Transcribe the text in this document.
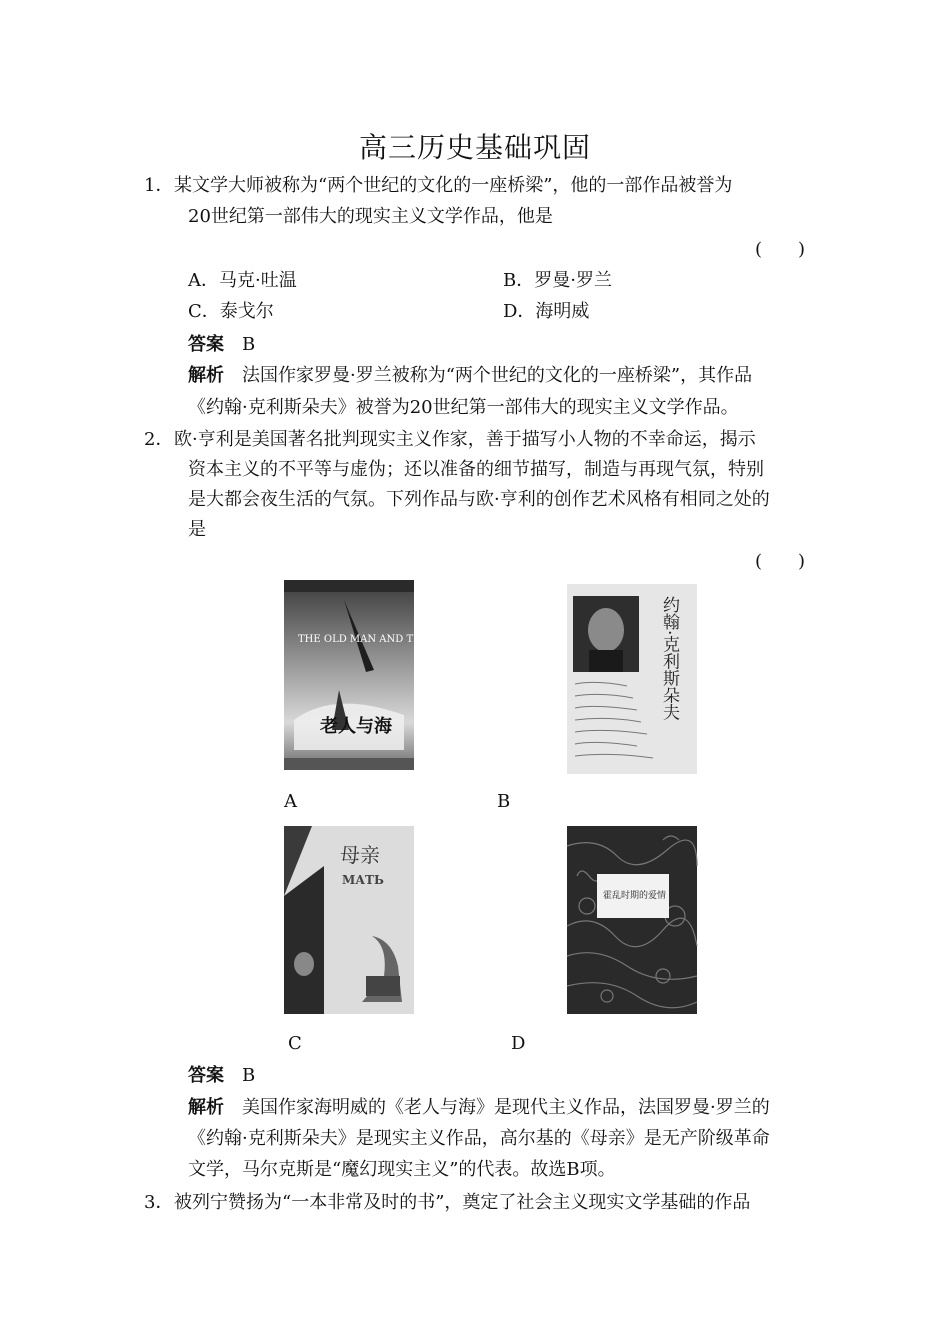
高三历史基础巩固
1． 某文学大师被称为“两个世纪的文化的一座桥梁”，他的一部作品被誉为
20世纪第一部伟大的现实主义文学作品，他是
(　　)
A．马克·吐温	B．罗曼·罗兰
C．泰戈尔	D．海明威
答案 B
解析 法国作家罗曼·罗兰被称为“两个世纪的文化的一座桥梁”，其作品
《约翰·克利斯朵夫》被誉为20世纪第一部伟大的现实主义文学作品。
2． 欧·亨利是美国著名批判现实主义作家，善于描写小人物的不幸命运，揭示
资本主义的不平等与虚伪；还以准备的细节描写，制造与再现气氛，特别
是大都会夜生活的气氛。下列作品与欧·亨利的创作艺术风格有相同之处的
是
(　　)
THE OLD MAN AND THE SEA
老人与海
A
约翰·克利斯朵夫
B
母亲
МАТЬ
C
霍乱时期的爱情
D
答案 B
解析 美国作家海明威的《老人与海》是现代主义作品，法国罗曼·罗兰的
《约翰·克利斯朵夫》是现实主义作品，高尔基的《母亲》是无产阶级革命
文学，马尔克斯是“魔幻现实主义”的代表。故选B项。
3． 被列宁赞扬为“一本非常及时的书”，奠定了社会主义现实文学基础的作品
